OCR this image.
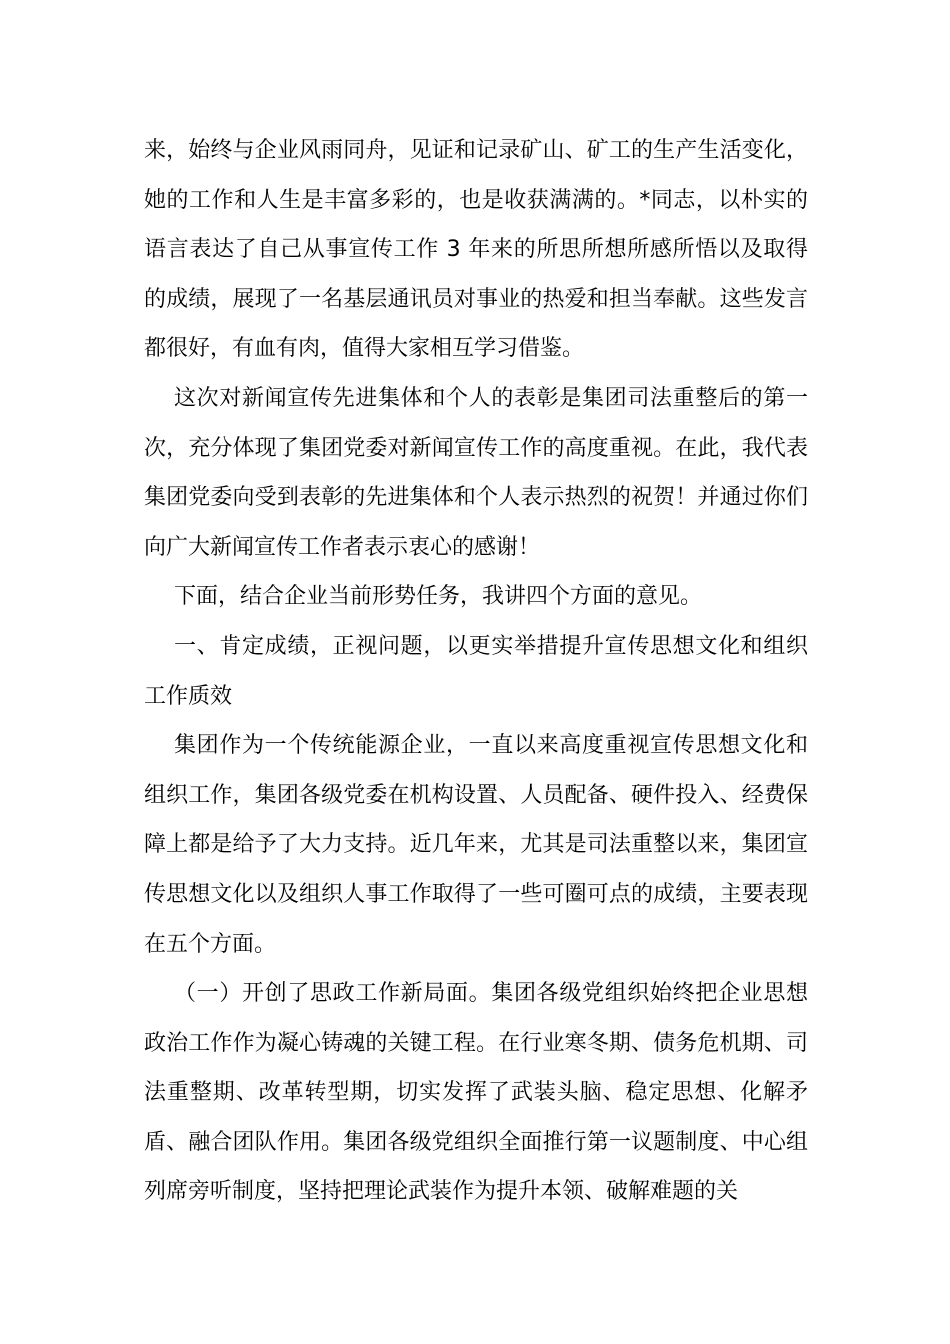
来，始终与企业风雨同舟，见证和记录矿山、矿工的生产生活变化，她的工作和人生是丰富多彩的，也是收获满满的。*同志，以朴实的语言表达了自己从事宣传工作 3 年来的所思所想所感所悟以及取得的成绩，展现了一名基层通讯员对事业的热爱和担当奉献。这些发言都很好，有血有肉，值得大家相互学习借鉴。

这次对新闻宣传先进集体和个人的表彰是集团司法重整后的第一次，充分体现了集团党委对新闻宣传工作的高度重视。在此，我代表集团党委向受到表彰的先进集体和个人表示热烈的祝贺！并通过你们向广大新闻宣传工作者表示衷心的感谢！

下面，结合企业当前形势任务，我讲四个方面的意见。

一、肯定成绩，正视问题，以更实举措提升宣传思想文化和组织工作质效

集团作为一个传统能源企业，一直以来高度重视宣传思想文化和组织工作，集团各级党委在机构设置、人员配备、硬件投入、经费保障上都是给予了大力支持。近几年来，尤其是司法重整以来，集团宣传思想文化以及组织人事工作取得了一些可圈可点的成绩，主要表现在五个方面。

（一）开创了思政工作新局面。集团各级党组织始终把企业思想政治工作作为凝心铸魂的关键工程。在行业寒冬期、债务危机期、司法重整期、改革转型期，切实发挥了武装头脑、稳定思想、化解矛盾、融合团队作用。集团各级党组织全面推行第一议题制度、中心组列席旁听制度，坚持把理论武装作为提升本领、破解难题的关
